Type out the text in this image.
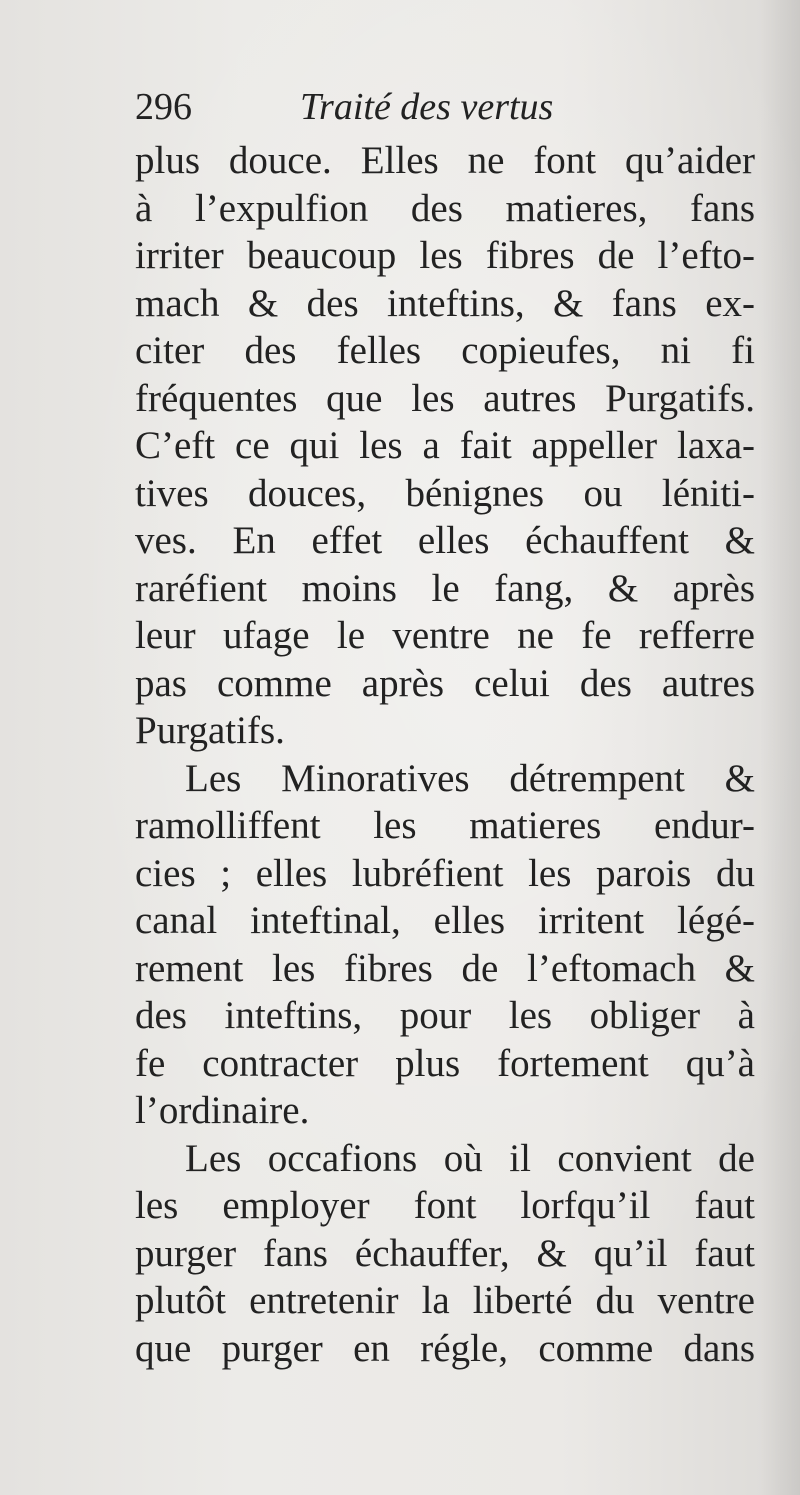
296	Traité des vertus
plus douce. Elles ne font qu’aider
à l’expulfion des matieres, fans
irriter beaucoup les fibres de l’efto-
mach & des inteftins, & fans ex-
citer des felles copieufes, ni fi
fréquentes que les autres Purgatifs.
C’eft ce qui les a fait appeller laxa-
tives douces, bénignes ou léniti-
ves. En effet elles échauffent &
raréfient moins le fang, & après
leur ufage le ventre ne fe refferre
pas comme après celui des autres
Purgatifs.
Les Minoratives détrempent &
ramolliffent les matieres endur-
cies ; elles lubréfient les parois du
canal inteftinal, elles irritent légé-
rement les fibres de l’eftomach &
des inteftins, pour les obliger à
fe contracter plus fortement qu’à
l’ordinaire.
Les occafions où il convient de
les employer font lorfqu’il faut
purger fans échauffer, & qu’il faut
plutôt entretenir la liberté du ventre
que purger en régle, comme dans
